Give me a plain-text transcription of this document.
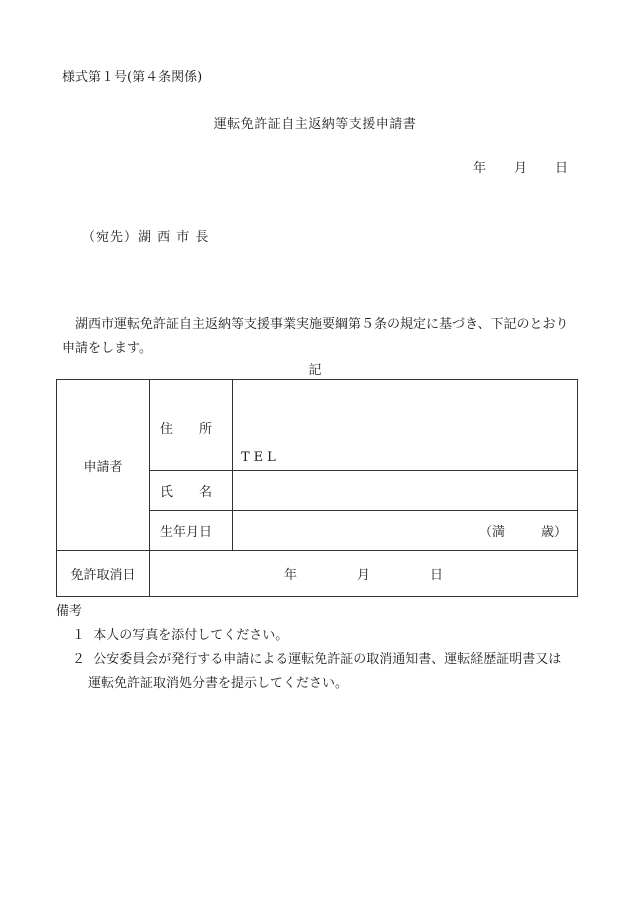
様式第１号(第４条関係)
運転免許証自主返納等支援申請書
年 月 日
（宛先）湖 西 市 長
湖西市運転免許証自主返納等支援事業実施要綱第５条の規定に基づき、下記のとおり申請をします。
記
申請者	住 所	TEL

	氏 名	

	生年月日	（満 歳）
免許取消日	年 月 日	
備考
１ 本人の写真を添付してください。
２ 公安委員会が発行する申請による運転免許証の取消通知書、運転経歴証明書又は
運転免許証取消処分書を提示してください。
